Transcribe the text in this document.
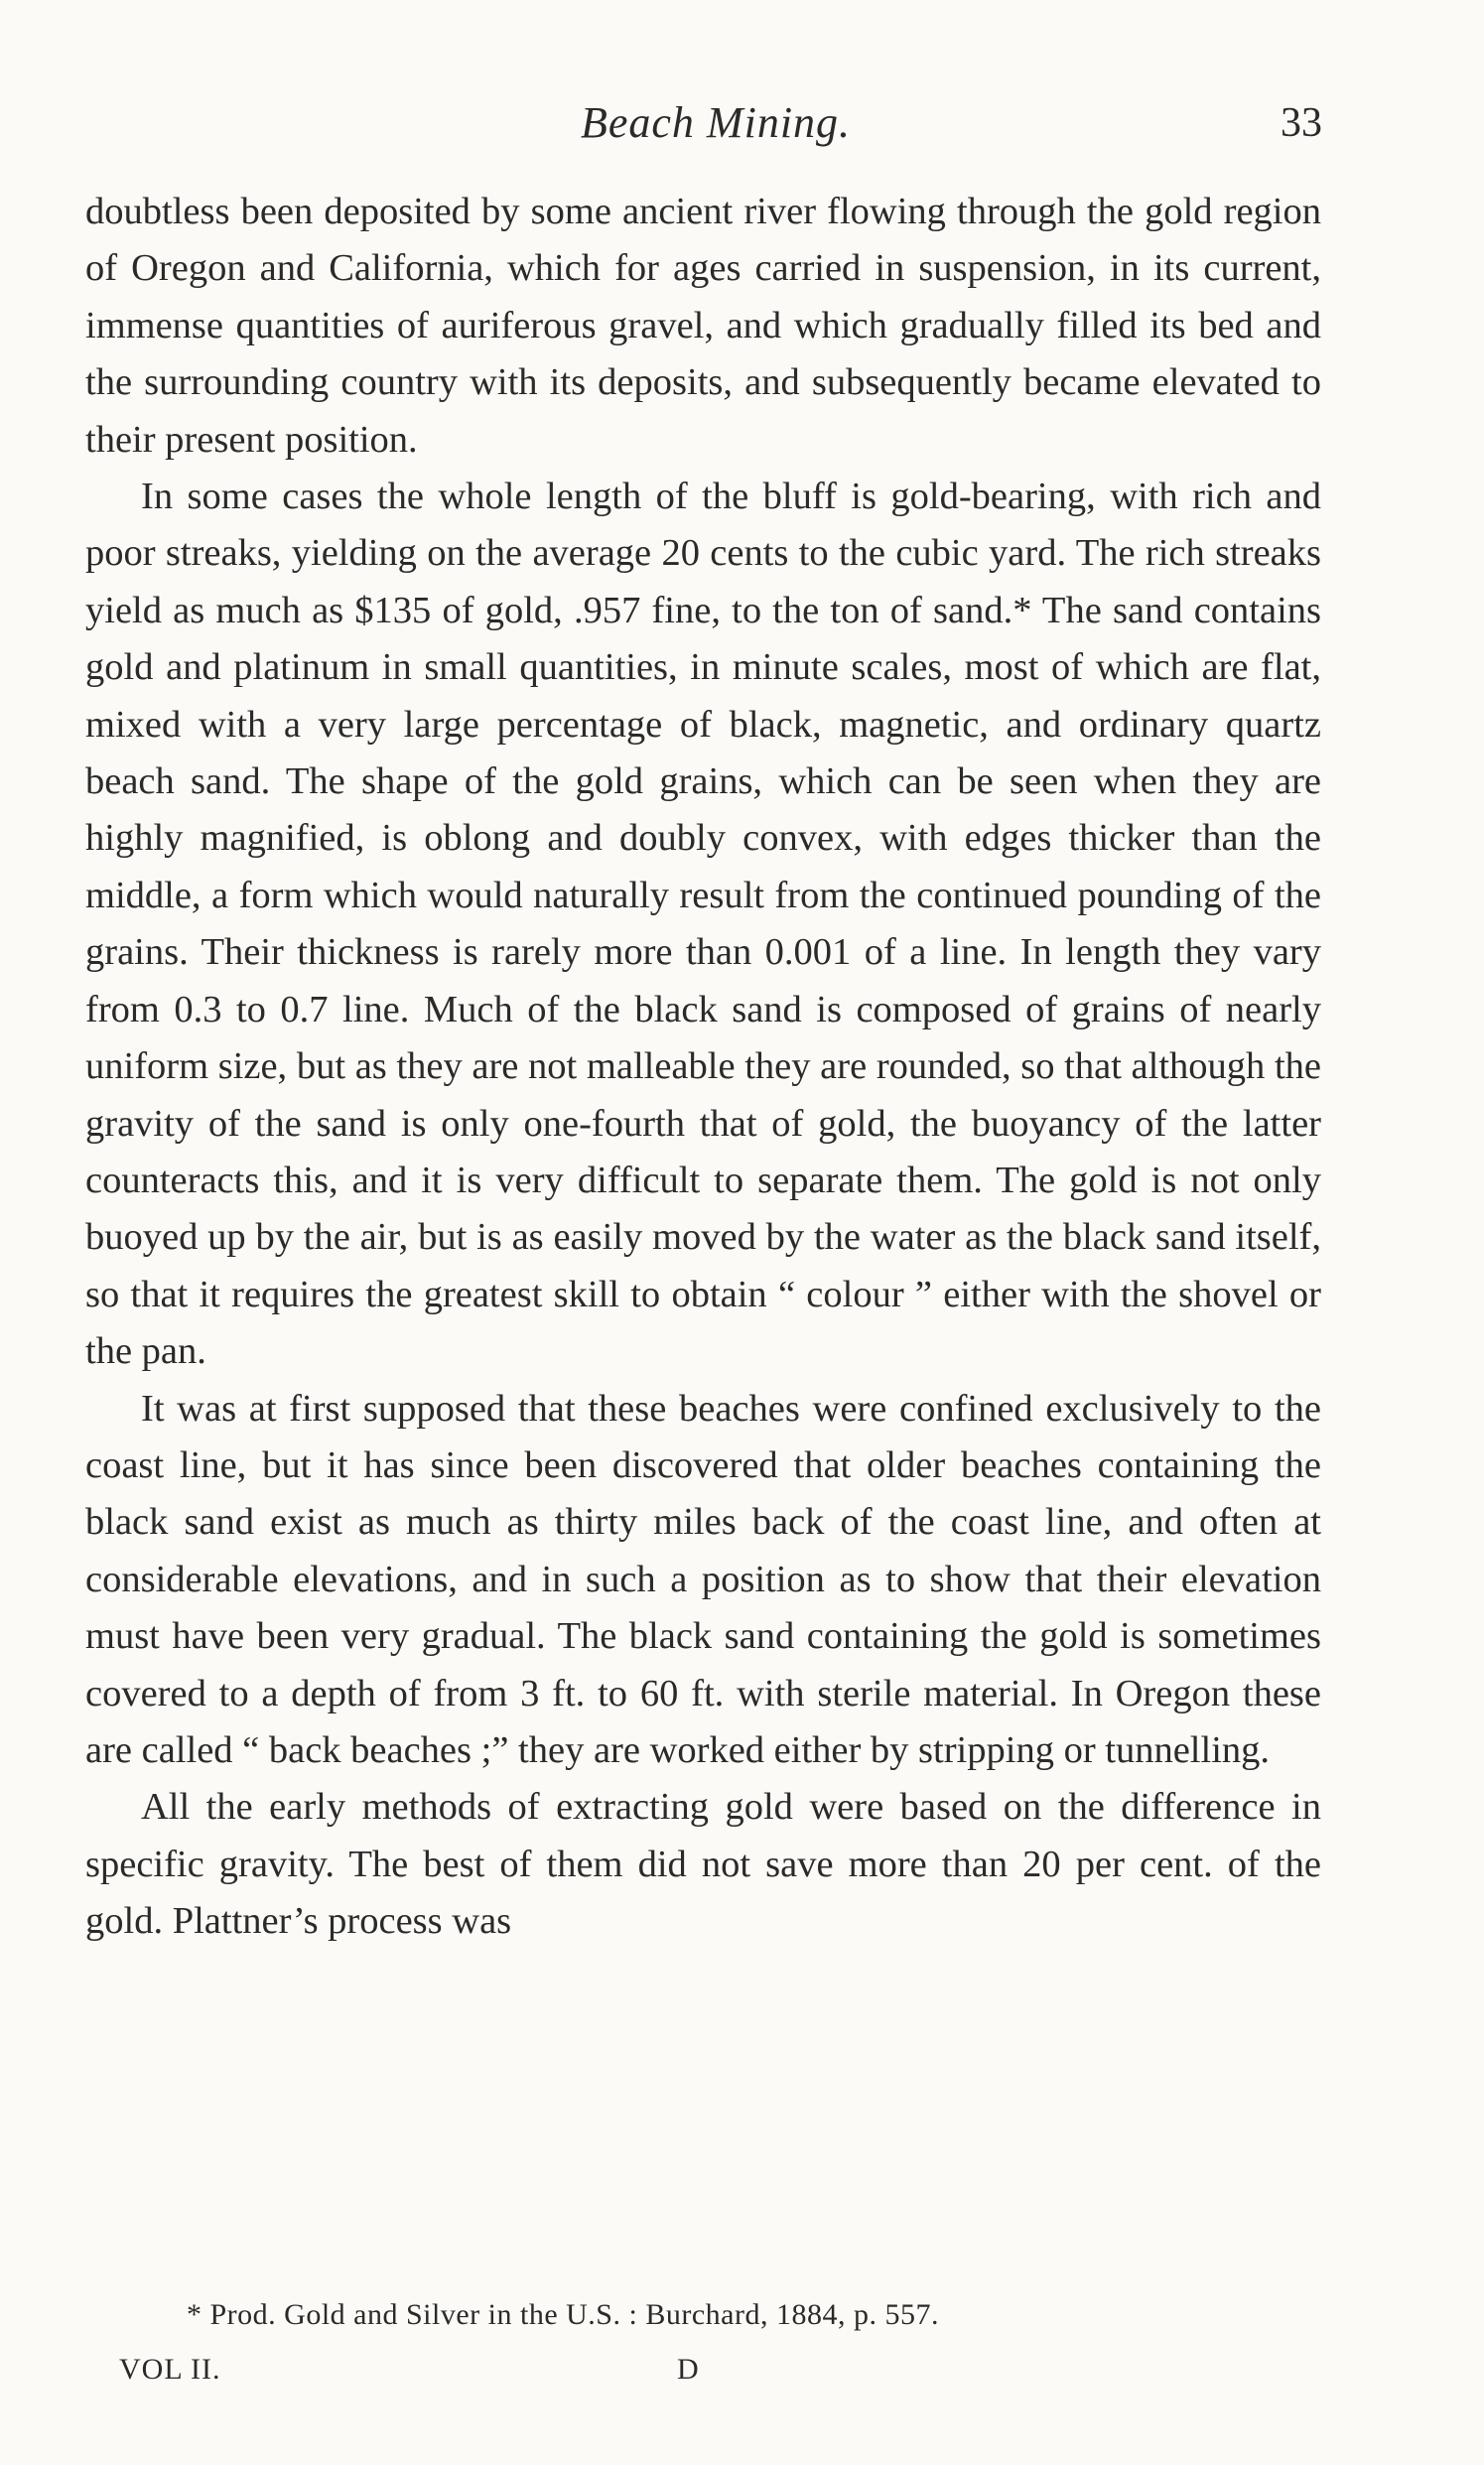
Beach Mining.	33

doubtless been deposited by some ancient river flowing through the gold region of Oregon and California, which for ages carried in suspension, in its current, immense quantities of auriferous gravel, and which gradually filled its bed and the surrounding country with its deposits, and subsequently became elevated to their present position.

In some cases the whole length of the bluff is gold-bearing, with rich and poor streaks, yielding on the average 20 cents to the cubic yard. The rich streaks yield as much as $135 of gold, .957 fine, to the ton of sand.* The sand contains gold and platinum in small quantities, in minute scales, most of which are flat, mixed with a very large percentage of black, magnetic, and ordinary quartz beach sand. The shape of the gold grains, which can be seen when they are highly magnified, is oblong and doubly convex, with edges thicker than the middle, a form which would naturally result from the continued pounding of the grains. Their thickness is rarely more than 0.001 of a line. In length they vary from 0.3 to 0.7 line. Much of the black sand is composed of grains of nearly uniform size, but as they are not malleable they are rounded, so that although the gravity of the sand is only one-fourth that of gold, the buoyancy of the latter counteracts this, and it is very difficult to separate them. The gold is not only buoyed up by the air, but is as easily moved by the water as the black sand itself, so that it requires the greatest skill to obtain “ colour ” either with the shovel or the pan.

It was at first supposed that these beaches were confined exclusively to the coast line, but it has since been discovered that older beaches containing the black sand exist as much as thirty miles back of the coast line, and often at considerable elevations, and in such a position as to show that their elevation must have been very gradual. The black sand containing the gold is sometimes covered to a depth of from 3 ft. to 60 ft. with sterile material. In Oregon these are called “ back beaches ;” they are worked either by stripping or tunnelling.

All the early methods of extracting gold were based on the difference in specific gravity. The best of them did not save more than 20 per cent. of the gold. Plattner’s process was

* Prod. Gold and Silver in the U.S. : Burchard, 1884, p. 557.
VOL II.	D
